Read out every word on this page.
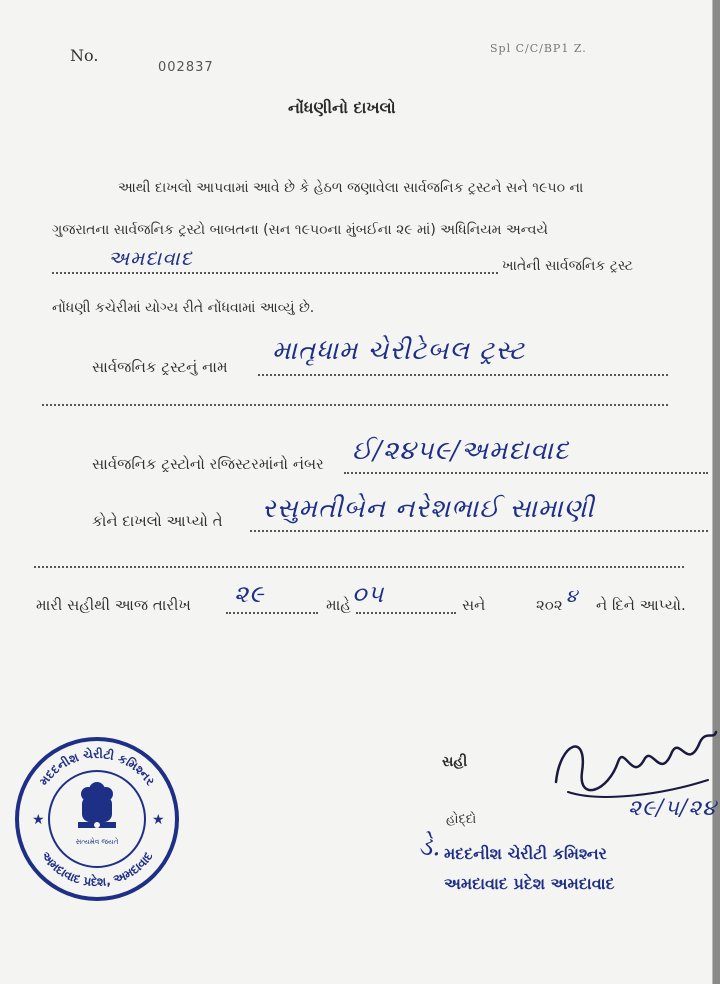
No.
002837
Spl C/C/BP1 Z.
નોંધણીનો દાખલો
આથી દાખલો આપવામાં આવે છે કે હેઠળ જણાવેલા સાર્વજનિક ટ્રસ્ટને સને ૧૯૫૦ ના
ગુજરાતના સાર્વજનિક ટ્રસ્ટો બાબતના (સન ૧૯૫૦ના મુંબઈના ૨૯ માં) અધિનિયમ અન્વયે
અમદાવાદ	ખાતેની સાર્વજનિક ટ્રસ્ટ
નોંધણી કચેરીમાં યોગ્ય રીતે નોંધવામાં આવ્યું છે.
સાર્વજનિક ટ્રસ્ટનું નામ
માતૃધામ ચેરીટેબલ ટ્રસ્ટ
સાર્વજનિક ટ્રસ્ટોનો રજિસ્ટરમાંનો નંબર ઈ/૨૪૫૯/અમદાવાદ
કોને દાખલો આપ્યો તે રસુમતીબેન નરેશભાઈ સામાણી
મારી સહીથી આજ તારીખ ૨૯	માહે ૦૫	સને	૨૦૨ ૪ ને દિને આપ્યો.
મદદનીશ ચેરીટી કમિશ્નર
અમદાવાદ પ્રદેશ, અમદાવાદ
★	★
સત્યમેવ જયતે
સહી
૨૯/૫/૨૪
હોદ્દો
ડે. મદદનીશ ચેરીટી કમિશ્નર
અમદાવાદ પ્રદેશ અમદાવાદ
